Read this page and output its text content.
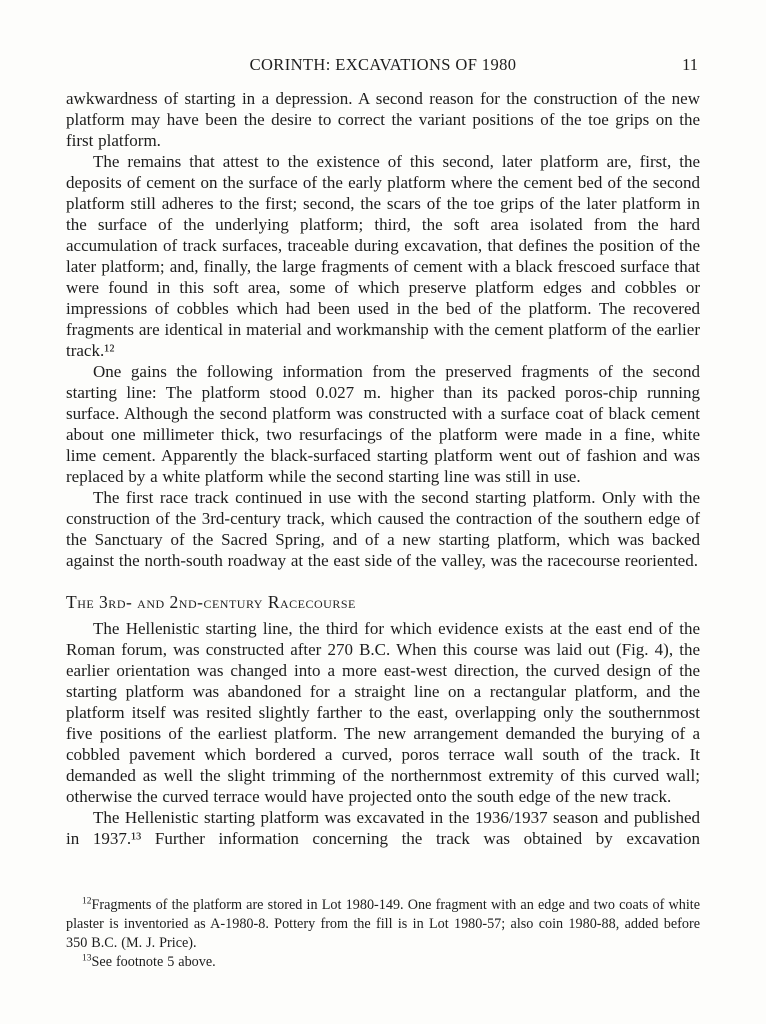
CORINTH: EXCAVATIONS OF 1980	11

awkwardness of starting in a depression. A second reason for the construction of the new platform may have been the desire to correct the variant positions of the toe grips on the first platform.

The remains that attest to the existence of this second, later platform are, first, the deposits of cement on the surface of the early platform where the cement bed of the second platform still adheres to the first; second, the scars of the toe grips of the later platform in the surface of the underlying platform; third, the soft area isolated from the hard accumulation of track surfaces, traceable during excavation, that defines the position of the later platform; and, finally, the large fragments of cement with a black frescoed surface that were found in this soft area, some of which preserve platform edges and cobbles or impressions of cobbles which had been used in the bed of the platform. The recovered fragments are identical in material and workmanship with the cement platform of the earlier track.¹²

One gains the following information from the preserved fragments of the second starting line: The platform stood 0.027 m. higher than its packed poros-chip running surface. Although the second platform was constructed with a surface coat of black cement about one millimeter thick, two resurfacings of the platform were made in a fine, white lime cement. Apparently the black-surfaced starting platform went out of fashion and was replaced by a white platform while the second starting line was still in use.

The first race track continued in use with the second starting platform. Only with the construction of the 3rd-century track, which caused the contraction of the southern edge of the Sanctuary of the Sacred Spring, and of a new starting platform, which was backed against the north-south roadway at the east side of the valley, was the racecourse reoriented.

The 3rd- and 2nd-century Racecourse

The Hellenistic starting line, the third for which evidence exists at the east end of the Roman forum, was constructed after 270 B.C. When this course was laid out (Fig. 4), the earlier orientation was changed into a more east-west direction, the curved design of the starting platform was abandoned for a straight line on a rectangular platform, and the platform itself was resited slightly farther to the east, overlapping only the southernmost five positions of the earliest platform. The new arrangement demanded the burying of a cobbled pavement which bordered a curved, poros terrace wall south of the track. It demanded as well the slight trimming of the northernmost extremity of this curved wall; otherwise the curved terrace would have projected onto the south edge of the new track.

The Hellenistic starting platform was excavated in the 1936/1937 season and published in 1937.¹³ Further information concerning the track was obtained by excavation

$^{12}$Fragments of the platform are stored in Lot 1980-149. One fragment with an edge and two coats of white plaster is inventoried as A-1980-8. Pottery from the fill is in Lot 1980-57; also coin 1980-88, added before 350 B.C. (M. J. Price).

$^{13}$See footnote 5 above.
